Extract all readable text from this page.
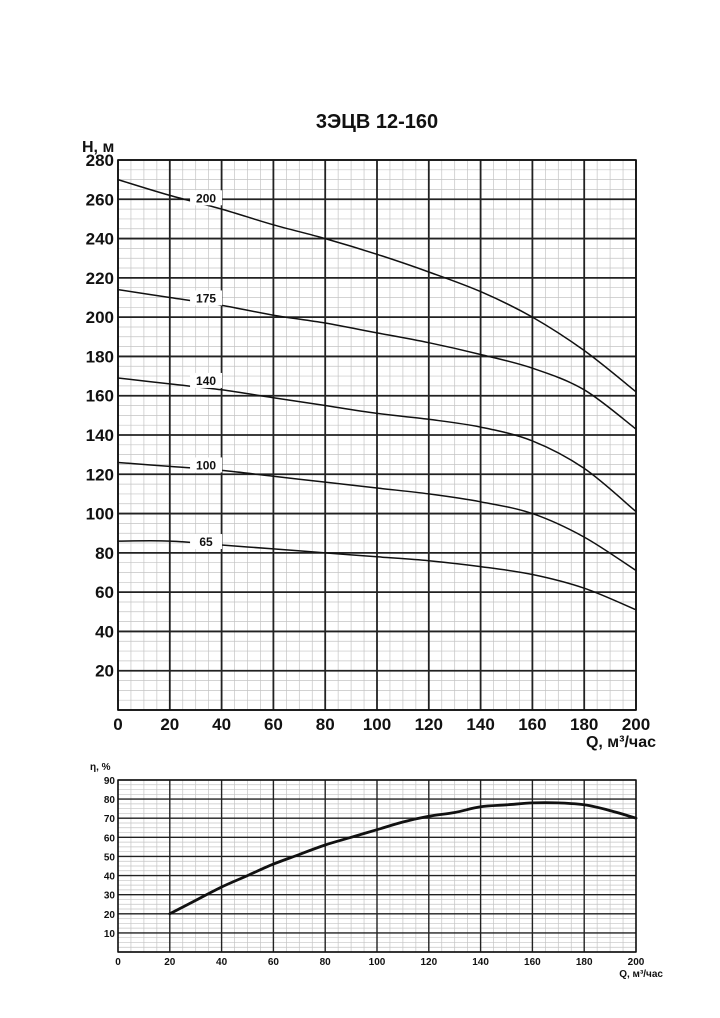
3ЭЦВ 12-160
0 20 40 60 80 100 120 140 160 180 200
20
40
60
80
100
120
140
160
180
200
220
240
260
280
Н, м
Q, м³/час
200
175
140
100
65
0	20	40	60	80	100	120	140	160	180	200
10
20
30
40
50
60
70
80
90
η, %
Q, м³/час
